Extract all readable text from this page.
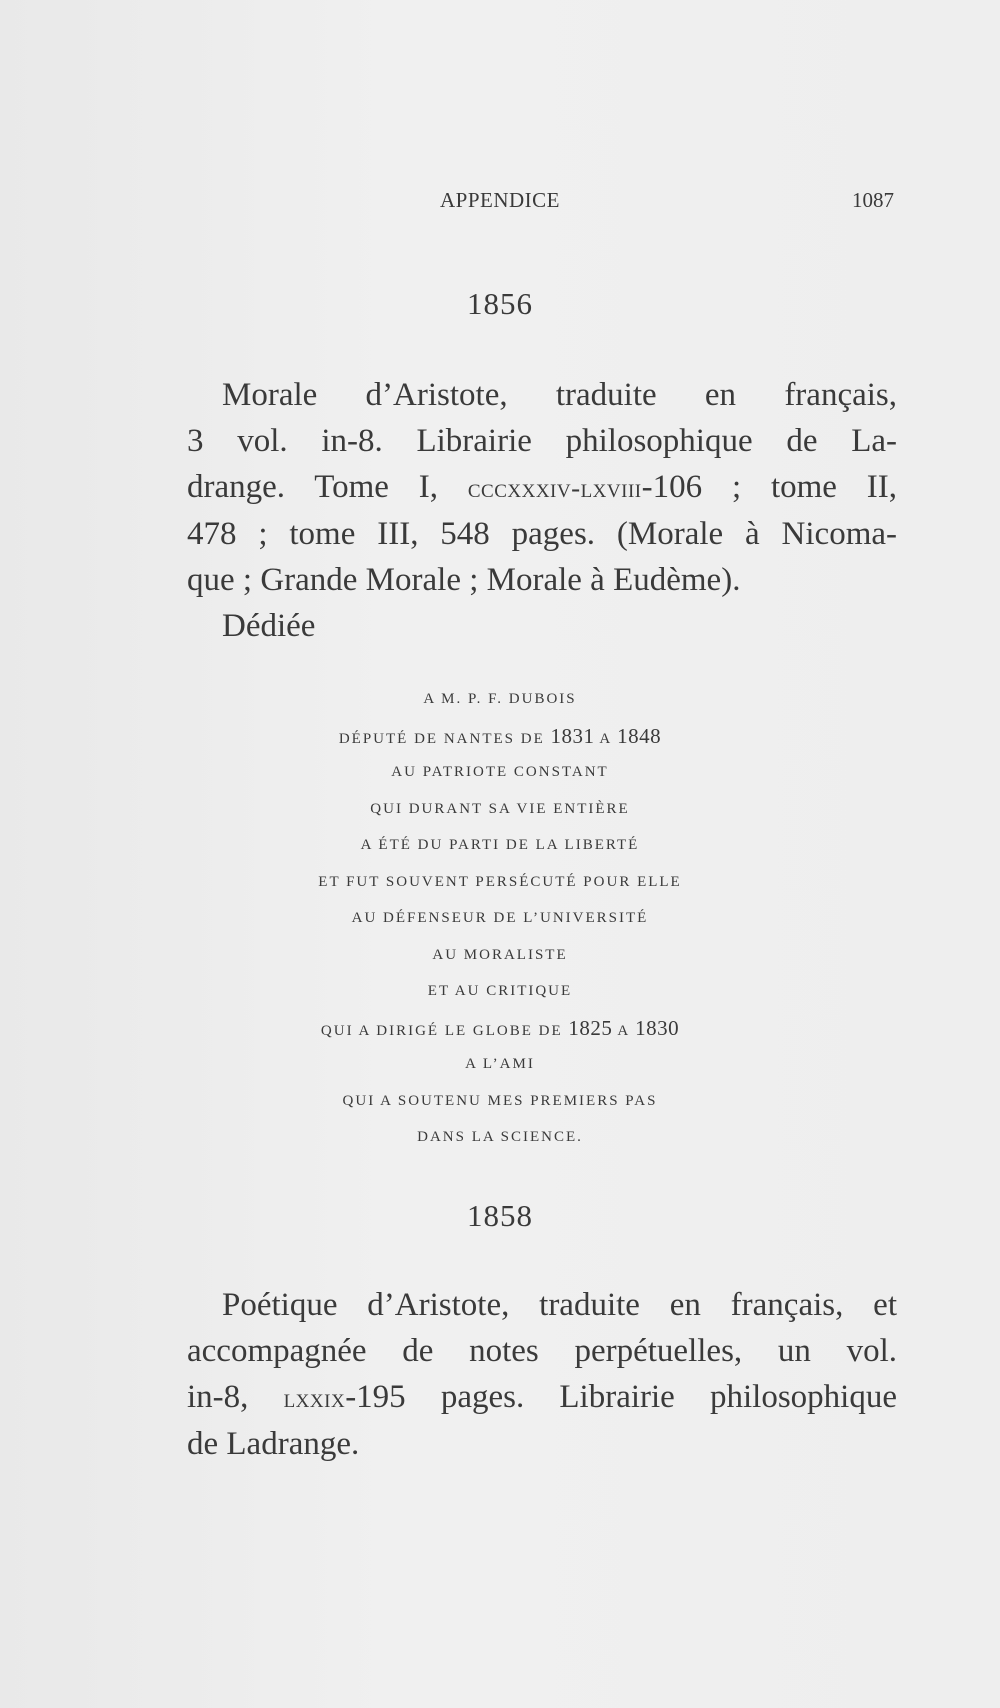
APPENDICE	1087
1856
Morale d’Aristote, traduite en français,
3 vol. in-8. Librairie philosophique de La-
drange. Tome I, cccxxxiv-lxviii-106 ; tome II,
478 ; tome III, 548 pages. (Morale à Nicoma-
que ; Grande Morale ; Morale à Eudème).
Dédiée
A M. P. F. DUBOIS
DÉPUTÉ DE NANTES DE 1831 A 1848
AU PATRIOTE CONSTANT
QUI DURANT SA VIE ENTIÈRE
A ÉTÉ DU PARTI DE LA LIBERTÉ
ET FUT SOUVENT PERSÉCUTÉ POUR ELLE
AU DÉFENSEUR DE L’UNIVERSITÉ
AU MORALISTE
ET AU CRITIQUE
QUI A DIRIGÉ LE GLOBE DE 1825 A 1830
A L’AMI
QUI A SOUTENU MES PREMIERS PAS
DANS LA SCIENCE.
1858
Poétique d’Aristote, traduite en français, et
accompagnée de notes perpétuelles, un vol.
in-8, lxxix-195 pages. Librairie philosophique
de Ladrange.
